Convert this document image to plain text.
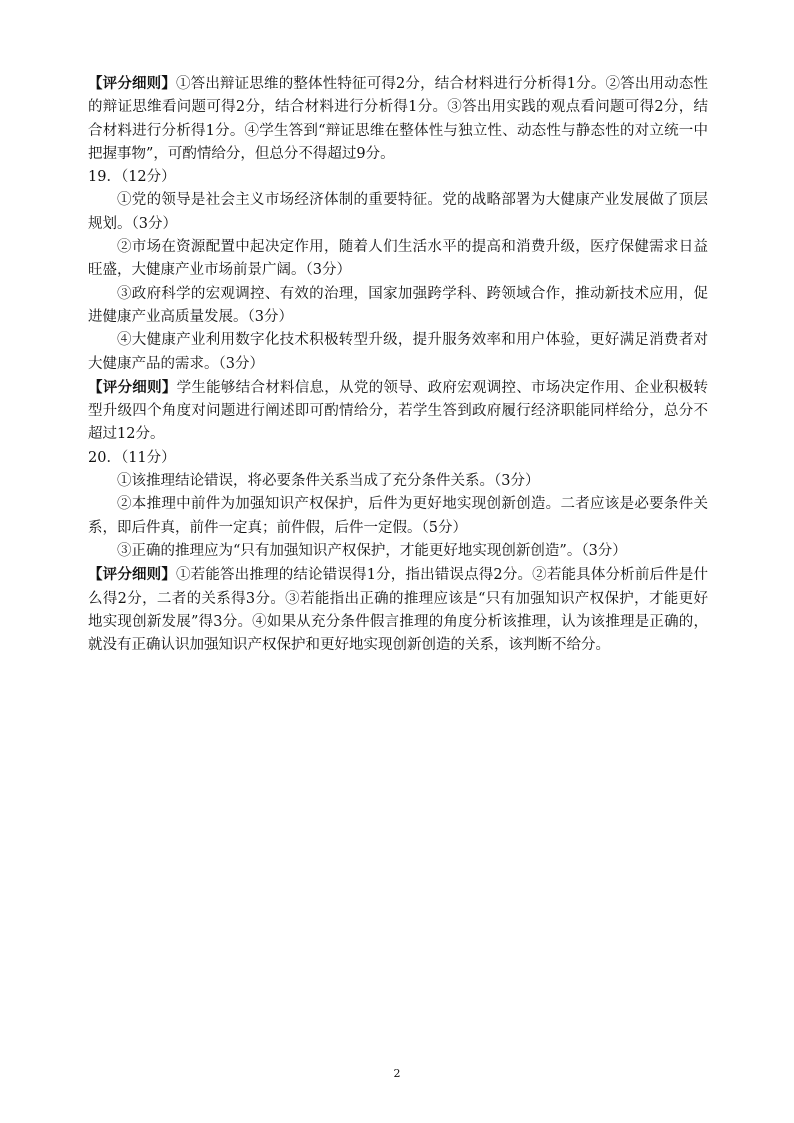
【评分细则】①答出辩证思维的整体性特征可得2分，结合材料进行分析得1分。②答出用动态性的辩证思维看问题可得2分，结合材料进行分析得1分。③答出用实践的观点看问题可得2分，结合材料进行分析得1分。④学生答到“辩证思维在整体性与独立性、动态性与静态性的对立统一中把握事物”，可酌情给分，但总分不得超过9分。

19．（12分）

①党的领导是社会主义市场经济体制的重要特征。党的战略部署为大健康产业发展做了顶层规划。（3分）

②市场在资源配置中起决定作用，随着人们生活水平的提高和消费升级，医疗保健需求日益旺盛，大健康产业市场前景广阔。（3分）

③政府科学的宏观调控、有效的治理，国家加强跨学科、跨领域合作，推动新技术应用，促进健康产业高质量发展。（3分）

④大健康产业利用数字化技术积极转型升级，提升服务效率和用户体验，更好满足消费者对大健康产品的需求。（3分）

【评分细则】学生能够结合材料信息，从党的领导、政府宏观调控、市场决定作用、企业积极转型升级四个角度对问题进行阐述即可酌情给分，若学生答到政府履行经济职能同样给分，总分不超过12分。

20．（11分）

①该推理结论错误，将必要条件关系当成了充分条件关系。（3分）

②本推理中前件为加强知识产权保护，后件为更好地实现创新创造。二者应该是必要条件关系，即后件真，前件一定真；前件假，后件一定假。（5分）

③正确的推理应为“只有加强知识产权保护，才能更好地实现创新创造”。（3分）

【评分细则】①若能答出推理的结论错误得1分，指出错误点得2分。②若能具体分析前后件是什么得2分，二者的关系得3分。③若能指出正确的推理应该是“只有加强知识产权保护，才能更好地实现创新发展”得3分。④如果从充分条件假言推理的角度分析该推理，认为该推理是正确的，就没有正确认识加强知识产权保护和更好地实现创新创造的关系，该判断不给分。

2
